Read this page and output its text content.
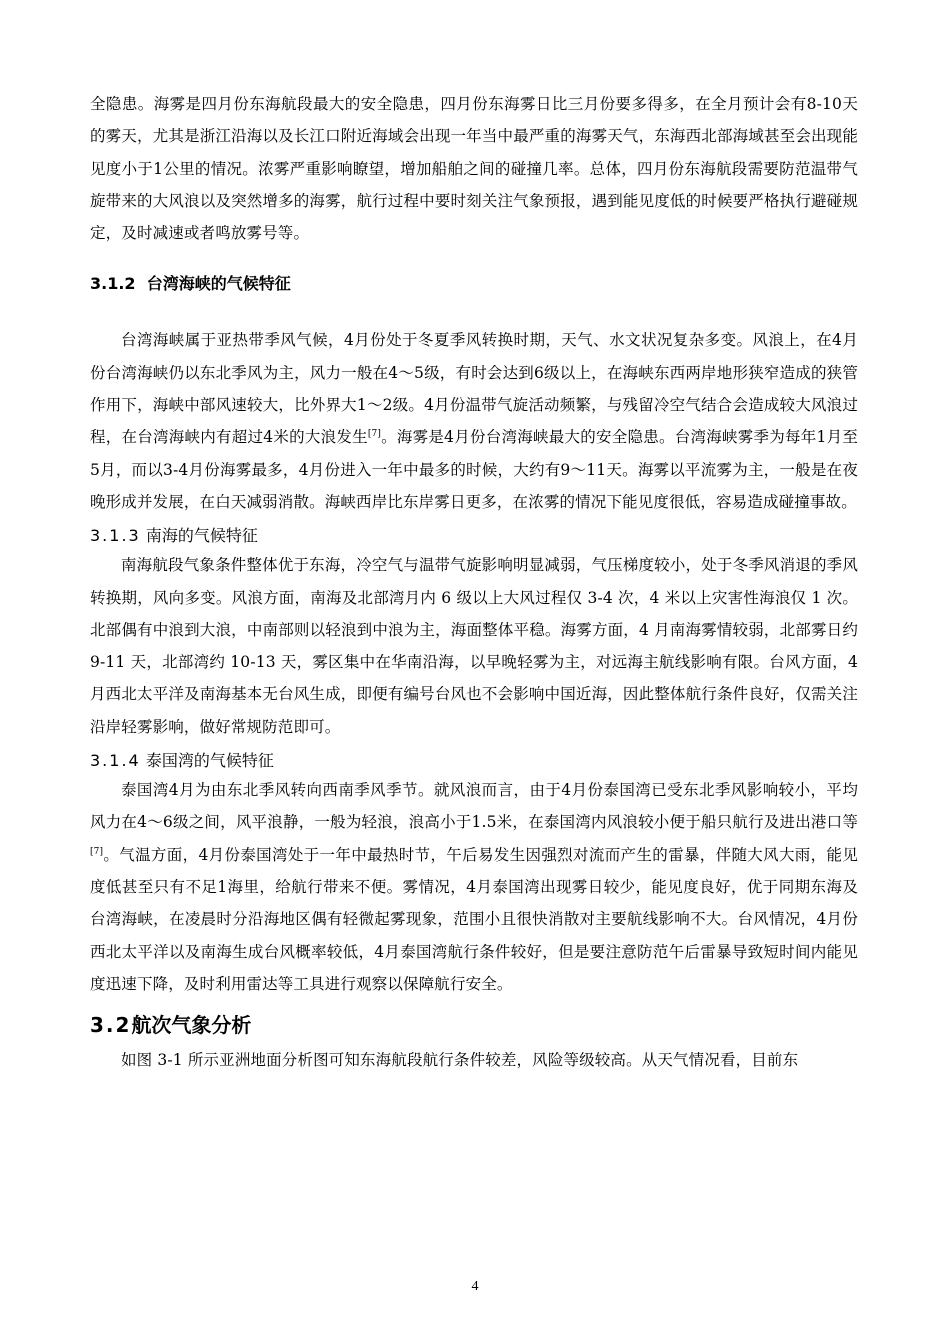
全隐患。海雾是四月份东海航段最大的安全隐患，四月份东海雾日比三月份要多得多，在全月预计会有8-10天的雾天，尤其是浙江沿海以及长江口附近海域会出现一年当中最严重的海雾天气，东海西北部海域甚至会出现能见度小于1公里的情况。浓雾严重影响瞭望，增加船舶之间的碰撞几率。总体，四月份东海航段需要防范温带气旋带来的大风浪以及突然增多的海雾，航行过程中要时刻关注气象预报，遇到能见度低的时候要严格执行避碰规定，及时减速或者鸣放雾号等。

3.1.2 台湾海峡的气候特征

台湾海峡属于亚热带季风气候，4月份处于冬夏季风转换时期，天气、水文状况复杂多变。风浪上，在4月份台湾海峡仍以东北季风为主，风力一般在4～5级，有时会达到6级以上，在海峡东西两岸地形狭窄造成的狭管作用下，海峡中部风速较大，比外界大1～2级。4月份温带气旋活动频繁，与残留冷空气结合会造成较大风浪过程，在台湾海峡内有超过4米的大浪发生[7]。海雾是4月份台湾海峡最大的安全隐患。台湾海峡雾季为每年1月至5月，而以3-4月份海雾最多，4月份进入一年中最多的时候，大约有9～11天。海雾以平流雾为主，一般是在夜晚形成并发展，在白天减弱消散。海峡西岸比东岸雾日更多，在浓雾的情况下能见度很低，容易造成碰撞事故。

3.1.3 南海的气候特征

南海航段气象条件整体优于东海，冷空气与温带气旋影响明显减弱，气压梯度较小，处于冬季风消退的季风转换期，风向多变。风浪方面，南海及北部湾月内 6 级以上大风过程仅 3-4 次，4 米以上灾害性海浪仅 1 次。北部偶有中浪到大浪，中南部则以轻浪到中浪为主，海面整体平稳。海雾方面，4 月南海雾情较弱，北部雾日约 9-11 天，北部湾约 10-13 天，雾区集中在华南沿海，以早晚轻雾为主，对远海主航线影响有限。台风方面，4 月西北太平洋及南海基本无台风生成，即便有编号台风也不会影响中国近海，因此整体航行条件良好，仅需关注沿岸轻雾影响，做好常规防范即可。

3.1.4 泰国湾的气候特征

泰国湾4月为由东北季风转向西南季风季节。就风浪而言，由于4月份泰国湾已受东北季风影响较小，平均风力在4～6级之间，风平浪静，一般为轻浪，浪高小于1.5米，在泰国湾内风浪较小便于船只航行及进出港口等[7]。气温方面，4月份泰国湾处于一年中最热时节，午后易发生因强烈对流而产生的雷暴，伴随大风大雨，能见度低甚至只有不足1海里，给航行带来不便。雾情况，4月泰国湾出现雾日较少，能见度良好，优于同期东海及台湾海峡，在凌晨时分沿海地区偶有轻微起雾现象，范围小且很快消散对主要航线影响不大。台风情况，4月份西北太平洋以及南海生成台风概率较低，4月泰国湾航行条件较好，但是要注意防范午后雷暴导致短时间内能见度迅速下降，及时利用雷达等工具进行观察以保障航行安全。

3.2航次气象分析

如图 3-1 所示亚洲地面分析图可知东海航段航行条件较差，风险等级较高。从天气情况看，目前东

4
